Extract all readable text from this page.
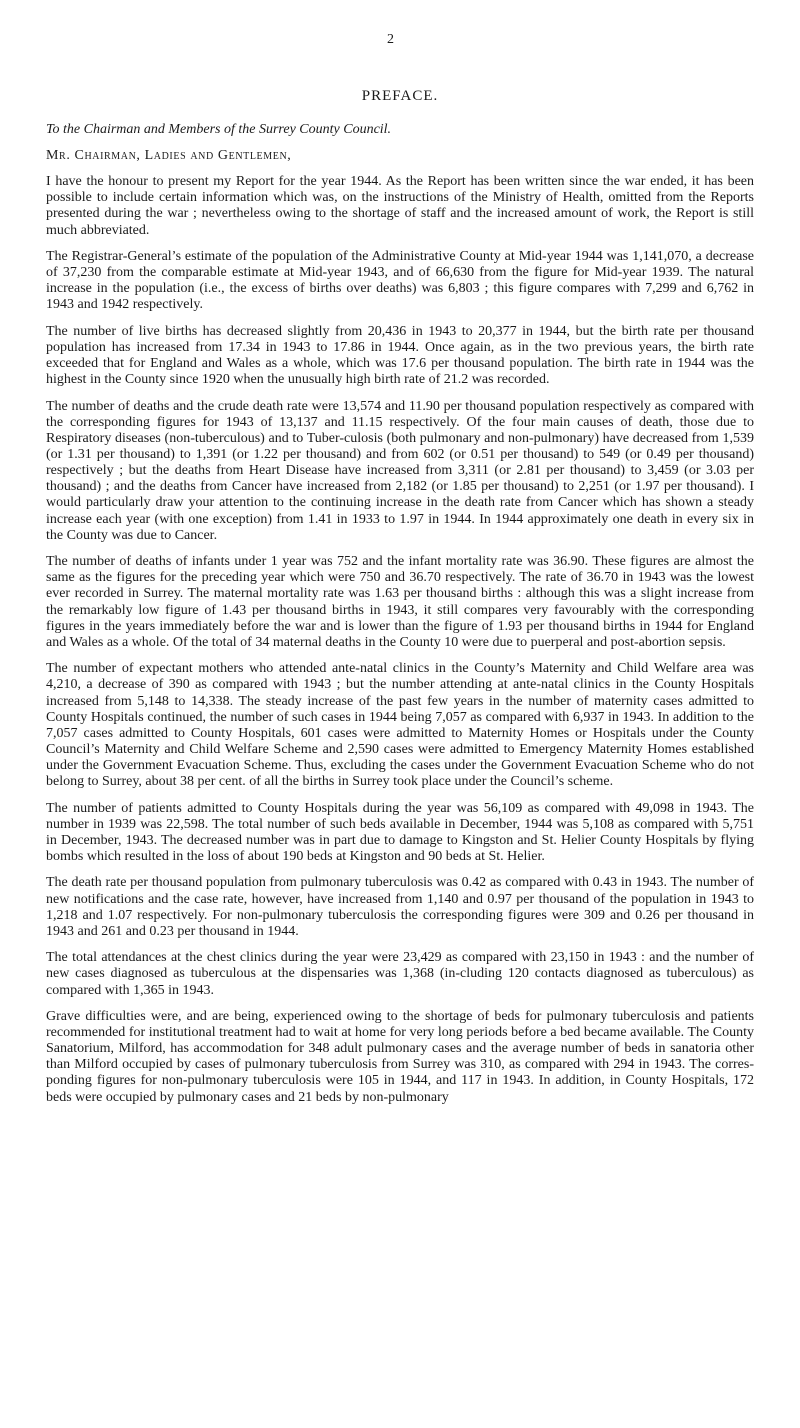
2
PREFACE.
To the Chairman and Members of the Surrey County Council.
Mr. Chairman, Ladies and Gentlemen,

I have the honour to present my Report for the year 1944. As the Report has been written since the war ended, it has been possible to include certain information which was, on the instructions of the Ministry of Health, omitted from the Reports presented during the war ; nevertheless owing to the shortage of staff and the increased amount of work, the Report is still much abbreviated.

The Registrar-General’s estimate of the population of the Administrative County at Mid-year 1944 was 1,141,070, a decrease of 37,230 from the comparable estimate at Mid-year 1943, and of 66,630 from the figure for Mid-year 1939. The natural increase in the population (i.e., the excess of births over deaths) was 6,803 ; this figure compares with 7,299 and 6,762 in 1943 and 1942 respectively.

The number of live births has decreased slightly from 20,436 in 1943 to 20,377 in 1944, but the birth rate per thousand population has increased from 17.34 in 1943 to 17.86 in 1944. Once again, as in the two previous years, the birth rate exceeded that for England and Wales as a whole, which was 17.6 per thousand population. The birth rate in 1944 was the highest in the County since 1920 when the unusually high birth rate of 21.2 was recorded.

The number of deaths and the crude death rate were 13,574 and 11.90 per thousand population respectively as compared with the corresponding figures for 1943 of 13,137 and 11.15 respectively. Of the four main causes of death, those due to Respiratory diseases (non-tuberculous) and to Tuber-culosis (both pulmonary and non-pulmonary) have decreased from 1,539 (or 1.31 per thousand) to 1,391 (or 1.22 per thousand) and from 602 (or 0.51 per thousand) to 549 (or 0.49 per thousand) respectively ; but the deaths from Heart Disease have increased from 3,311 (or 2.81 per thousand) to 3,459 (or 3.03 per thousand) ; and the deaths from Cancer have increased from 2,182 (or 1.85 per thousand) to 2,251 (or 1.97 per thousand). I would particularly draw your attention to the continuing increase in the death rate from Cancer which has shown a steady increase each year (with one exception) from 1.41 in 1933 to 1.97 in 1944. In 1944 approximately one death in every six in the County was due to Cancer.

The number of deaths of infants under 1 year was 752 and the infant mortality rate was 36.90. These figures are almost the same as the figures for the preceding year which were 750 and 36.70 respectively. The rate of 36.70 in 1943 was the lowest ever recorded in Surrey. The maternal mortality rate was 1.63 per thousand births : although this was a slight increase from the remarkably low figure of 1.43 per thousand births in 1943, it still compares very favourably with the corresponding figures in the years immediately before the war and is lower than the figure of 1.93 per thousand births in 1944 for England and Wales as a whole. Of the total of 34 maternal deaths in the County 10 were due to puerperal and post-abortion sepsis.

The number of expectant mothers who attended ante-natal clinics in the County’s Maternity and Child Welfare area was 4,210, a decrease of 390 as compared with 1943 ; but the number attending at ante-natal clinics in the County Hospitals increased from 5,148 to 14,338. The steady increase of the past few years in the number of maternity cases admitted to County Hospitals continued, the number of such cases in 1944 being 7,057 as compared with 6,937 in 1943. In addition to the 7,057 cases admitted to County Hospitals, 601 cases were admitted to Maternity Homes or Hospitals under the County Council’s Maternity and Child Welfare Scheme and 2,590 cases were admitted to Emergency Maternity Homes established under the Government Evacuation Scheme. Thus, excluding the cases under the Government Evacuation Scheme who do not belong to Surrey, about 38 per cent. of all the births in Surrey took place under the Council’s scheme.

The number of patients admitted to County Hospitals during the year was 56,109 as compared with 49,098 in 1943. The number in 1939 was 22,598. The total number of such beds available in December, 1944 was 5,108 as compared with 5,751 in December, 1943. The decreased number was in part due to damage to Kingston and St. Helier County Hospitals by flying bombs which resulted in the loss of about 190 beds at Kingston and 90 beds at St. Helier.

The death rate per thousand population from pulmonary tuberculosis was 0.42 as compared with 0.43 in 1943. The number of new notifications and the case rate, however, have increased from 1,140 and 0.97 per thousand of the population in 1943 to 1,218 and 1.07 respectively. For non-pulmonary tuberculosis the corresponding figures were 309 and 0.26 per thousand in 1943 and 261 and 0.23 per thousand in 1944.

The total attendances at the chest clinics during the year were 23,429 as compared with 23,150 in 1943 : and the number of new cases diagnosed as tuberculous at the dispensaries was 1,368 (in-cluding 120 contacts diagnosed as tuberculous) as compared with 1,365 in 1943.

Grave difficulties were, and are being, experienced owing to the shortage of beds for pulmonary tuberculosis and patients recommended for institutional treatment had to wait at home for very long periods before a bed became available. The County Sanatorium, Milford, has accommodation for 348 adult pulmonary cases and the average number of beds in sanatoria other than Milford occupied by cases of pulmonary tuberculosis from Surrey was 310, as compared with 294 in 1943. The corres-ponding figures for non-pulmonary tuberculosis were 105 in 1944, and 117 in 1943. In addition, in County Hospitals, 172 beds were occupied by pulmonary cases and 21 beds by non-pulmonary
